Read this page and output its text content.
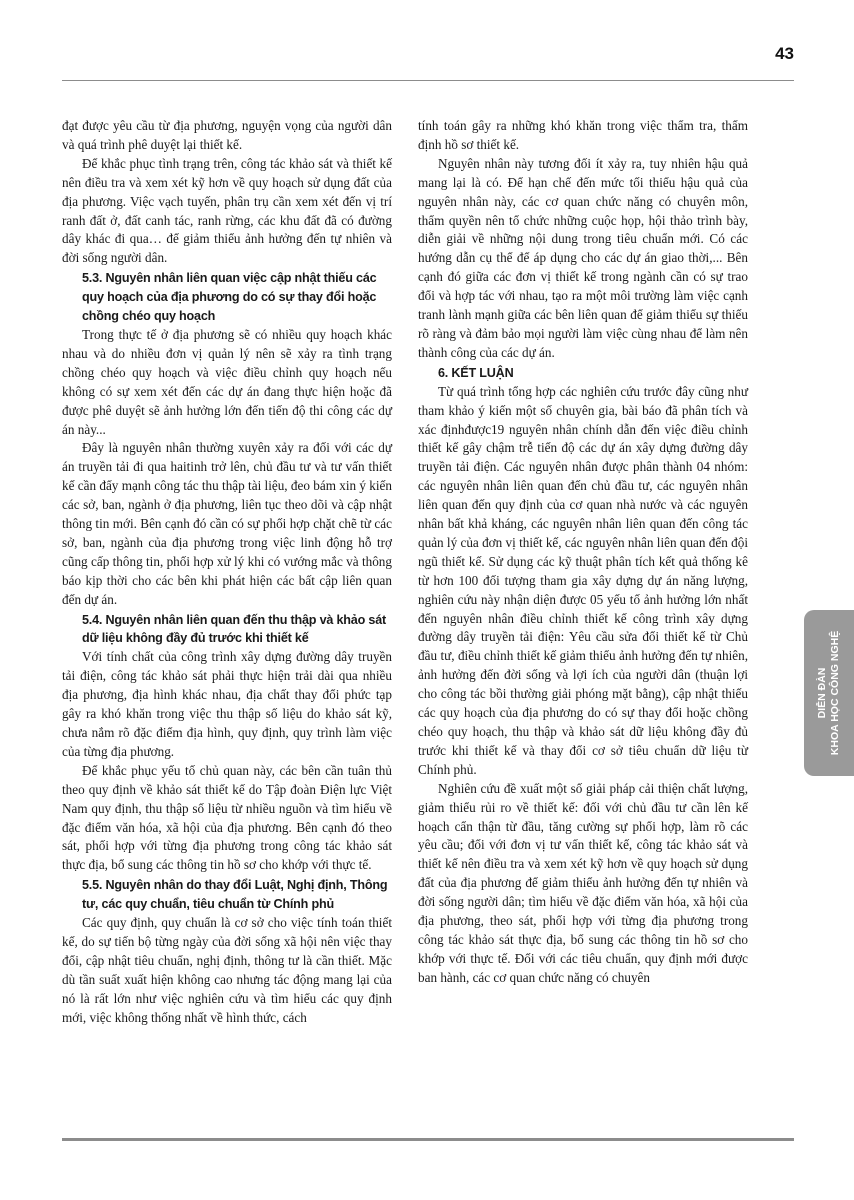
43

đạt được yêu cầu từ địa phương, nguyện vọng của người dân và quá trình phê duyệt lại thiết kế.

Để khắc phục tình trạng trên, công tác khảo sát và thiết kế nên điều tra và xem xét kỹ hơn về quy hoạch sử dụng đất của địa phương. Việc vạch tuyến, phân trụ cần xem xét đến vị trí ranh đất ở, đất canh tác, ranh rừng, các khu đất đã có đường dây khác đi qua… để giảm thiểu ảnh hưởng đến tự nhiên và đời sống người dân.

5.3. Nguyên nhân liên quan việc cập nhật thiếu các quy hoạch của địa phương do có sự thay đổi hoặc chồng chéo quy hoạch

Trong thực tế ở địa phương sẽ có nhiều quy hoạch khác nhau và do nhiều đơn vị quản lý nên sẽ xảy ra tình trạng chồng chéo quy hoạch và việc điều chỉnh quy hoạch nếu không có sự xem xét đến các dự án đang thực hiện hoặc đã được phê duyệt sẽ ảnh hưởng lớn đến tiến độ thi công các dự án này...

Đây là nguyên nhân thường xuyên xảy ra đối với các dự án truyền tải đi qua haitinh trở lên, chủ đầu tư và tư vấn thiết kế cần đẩy mạnh công tác thu thập tài liệu, đeo bám xin ý kiến các sở, ban, ngành ở địa phương, liên tục theo dõi và cập nhật thông tin mới. Bên cạnh đó cần có sự phối hợp chặt chẽ từ các sở, ban, ngành của địa phương trong việc linh động hỗ trợ cũng cấp thông tin, phối hợp xử lý khi có vướng mắc và thông báo kịp thời cho các bên khi phát hiện các bất cập liên quan đến dự án.

5.4. Nguyên nhân liên quan đến thu thập và khảo sát dữ liệu không đầy đủ trước khi thiết kế

Với tính chất của công trình xây dựng đường dây truyền tải điện, công tác khảo sát phải thực hiện trải dài qua nhiều địa phương, địa hình khác nhau, địa chất thay đổi phức tạp gây ra khó khăn trong việc thu thập số liệu do khảo sát kỹ, chưa nắm rõ đặc điểm địa hình, quy định, quy trình làm việc của từng địa phương.

Để khắc phục yếu tố chủ quan này, các bên cần tuân thủ theo quy định về khảo sát thiết kế do Tập đoàn Điện lực Việt Nam quy định, thu thập số liệu từ nhiều nguồn và tìm hiểu về đặc điểm văn hóa, xã hội của địa phương. Bên cạnh đó theo sát, phối hợp với từng địa phương trong công tác khảo sát thực địa, bổ sung các thông tin hồ sơ cho khớp với thực tế.

5.5. Nguyên nhân do thay đổi Luật, Nghị định, Thông tư, các quy chuẩn, tiêu chuẩn từ Chính phủ

Các quy định, quy chuẩn là cơ sở cho việc tính toán thiết kế, do sự tiến bộ từng ngày của đời sống xã hội nên việc thay đổi, cập nhật tiêu chuẩn, nghị định, thông tư là cần thiết. Mặc dù tần suất xuất hiện không cao nhưng tác động mang lại của nó là rất lớn như việc nghiên cứu và tìm hiểu các quy định mới, việc không thống nhất về hình thức, cách

tính toán gây ra những khó khăn trong việc thẩm tra, thẩm định hồ sơ thiết kế.

Nguyên nhân này tương đối ít xảy ra, tuy nhiên hậu quả mang lại là có. Để hạn chế đến mức tối thiểu hậu quả của nguyên nhân này, các cơ quan chức năng có chuyên môn, thẩm quyền nên tổ chức những cuộc họp, hội thảo trình bày, diễn giải về những nội dung trong tiêu chuẩn mới. Có các hướng dẫn cụ thể để áp dụng cho các dự án giao thời,... Bên cạnh đó giữa các đơn vị thiết kế trong ngành cần có sự trao đổi và hợp tác với nhau, tạo ra một môi trường làm việc cạnh tranh lành mạnh giữa các bên liên quan để giảm thiểu sự thiếu rõ ràng và đảm bảo mọi người làm việc cùng nhau để làm nên thành công của các dự án.

6. KẾT LUẬN

Từ quá trình tổng hợp các nghiên cứu trước đây cũng như tham khảo ý kiến một số chuyên gia, bài báo đã phân tích và xác địnhđược19 nguyên nhân chính dẫn đến việc điều chỉnh thiết kế gây chậm trễ tiến độ các dự án xây dựng đường dây truyền tải điện. Các nguyên nhân được phân thành 04 nhóm: các nguyên nhân liên quan đến chủ đầu tư, các nguyên nhân liên quan đến quy định của cơ quan nhà nước và các nguyên nhân bất khả kháng, các nguyên nhân liên quan đến công tác quản lý của đơn vị thiết kế, các nguyên nhân liên quan đến đội ngũ thiết kế. Sử dụng các kỹ thuật phân tích kết quả thống kê từ hơn 100 đối tượng tham gia xây dựng dự án năng lượng, nghiên cứu này nhận diện được 05 yếu tố ảnh hưởng lớn nhất đến nguyên nhân điều chỉnh thiết kế công trình xây dựng đường dây truyền tải điện: Yêu cầu sửa đổi thiết kế từ Chủ đầu tư, điều chỉnh thiết kế giảm thiểu ảnh hưởng đến tự nhiên, ảnh hưởng đến đời sống và lợi ích của người dân (thuận lợi cho công tác bồi thường giải phóng mặt bằng), cập nhật thiếu các quy hoạch của địa phương do có sự thay đổi hoặc chồng chéo quy hoạch, thu thập và khảo sát dữ liệu không đầy đủ trước khi thiết kế và thay đổi cơ sở tiêu chuẩn dữ liệu từ Chính phủ.

Nghiên cứu đề xuất một số giải pháp cải thiện chất lượng, giảm thiểu rủi ro về thiết kế: đối với chủ đầu tư cần lên kế hoạch cẩn thận từ đầu, tăng cường sự phối hợp, làm rõ các yêu cầu; đối với đơn vị tư vấn thiết kế, công tác khảo sát và thiết kế nên điều tra và xem xét kỹ hơn về quy hoạch sử dụng đất của địa phương để giảm thiểu ảnh hưởng đến tự nhiên và đời sống người dân; tìm hiểu về đặc điểm văn hóa, xã hội của địa phương, theo sát, phối hợp với từng địa phương trong công tác khảo sát thực địa, bổ sung các thông tin hồ sơ cho khớp với thực tế. Đối với các tiêu chuẩn, quy định mới được ban hành, các cơ quan chức năng có chuyên

DIỄN ĐÀN KHOA HỌC CÔNG NGHỆ
